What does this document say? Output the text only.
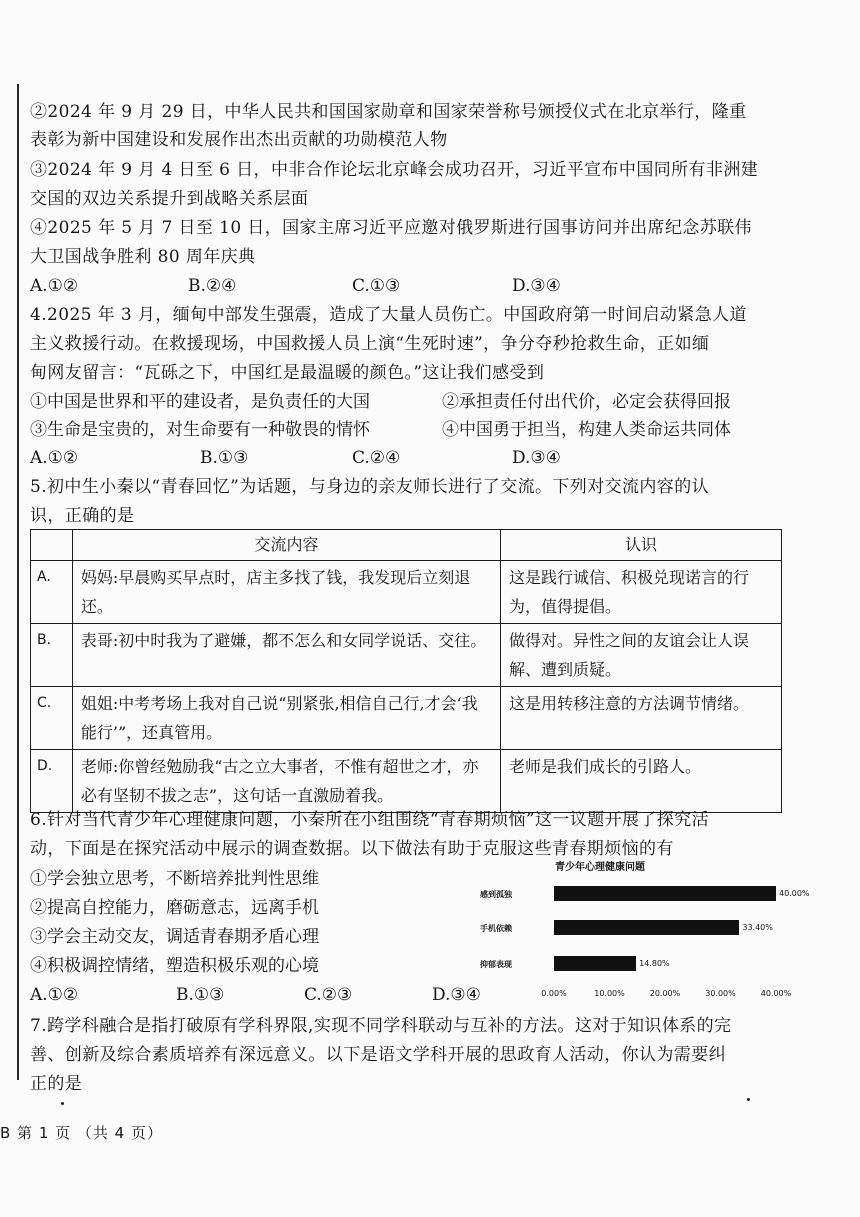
②2024 年 9 月 29 日，中华人民共和国国家勋章和国家荣誉称号颁授仪式在北京举行，隆重
表彰为新中国建设和发展作出杰出贡献的功勋模范人物
③2024 年 9 月 4 日至 6 日，中非合作论坛北京峰会成功召开，习近平宣布中国同所有非洲建
交国的双边关系提升到战略关系层面
④2025 年 5 月 7 日至 10 日，国家主席习近平应邀对俄罗斯进行国事访问并出席纪念苏联伟
大卫国战争胜利 80 周年庆典
A.①②	B.②④	C.①③	D.③④
4.2025 年 3 月，缅甸中部发生强震，造成了大量人员伤亡。中国政府第一时间启动紧急人道
主义救援行动。在救援现场，中国救援人员上演“生死时速”，争分夺秒抢救生命，正如缅
甸网友留言：“瓦砾之下，中国红是最温暖的颜色。”这让我们感受到
①中国是世界和平的建设者，是负责任的大国	②承担责任付出代价，必定会获得回报
③生命是宝贵的，对生命要有一种敬畏的情怀	④中国勇于担当，构建人类命运共同体
A.①②	B.①③	C.②④	D.③④
5.初中生小秦以“青春回忆”为话题，与身边的亲友师长进行了交流。下列对交流内容的认
识，正确的是
	交流内容	认识
A.	妈妈:早晨购买早点时，店主多找了钱，我发现后立刻退还。	这是践行诚信、积极兑现诺言的行为，值得提倡。
B.	表哥:初中时我为了避嫌，都不怎么和女同学说话、交往。	做得对。异性之间的友谊会让人误解、遭到质疑。
C.	姐姐:中考考场上我对自己说“别紧张,相信自己行,才会‘我能行’”，还真管用。	这是用转移注意的方法调节情绪。
D.	老师:你曾经勉励我“古之立大事者，不惟有超世之才，亦必有坚韧不拔之志”，这句话一直激励着我。	老师是我们成长的引路人。
6.针对当代青少年心理健康问题，小秦所在小组围绕“青春期烦恼”这一议题开展了探究活
动，下面是在探究活动中展示的调查数据。以下做法有助于克服这些青春期烦恼的有
①学会独立思考，不断培养批判性思维
②提高自控能力，磨砺意志，远离手机
③学会主动交友，调适青春期矛盾心理
④积极调控情绪，塑造积极乐观的心境
A.①②	B.①③	C.②③	D.③④
7.跨学科融合是指打破原有学科界限,实现不同学科联动与互补的方法。这对于知识体系的完
善、创新及综合素质培养有深远意义。以下是语文学科开展的思政育人活动，你认为需要纠
正的是
青少年心理健康问题
感到孤独	40.00%
手机依赖	33.40%
抑郁表现	14.80%
0.00%	10.00%	20.00%	30.00%	40.00%
B 第 1 页 （共 4 页）
